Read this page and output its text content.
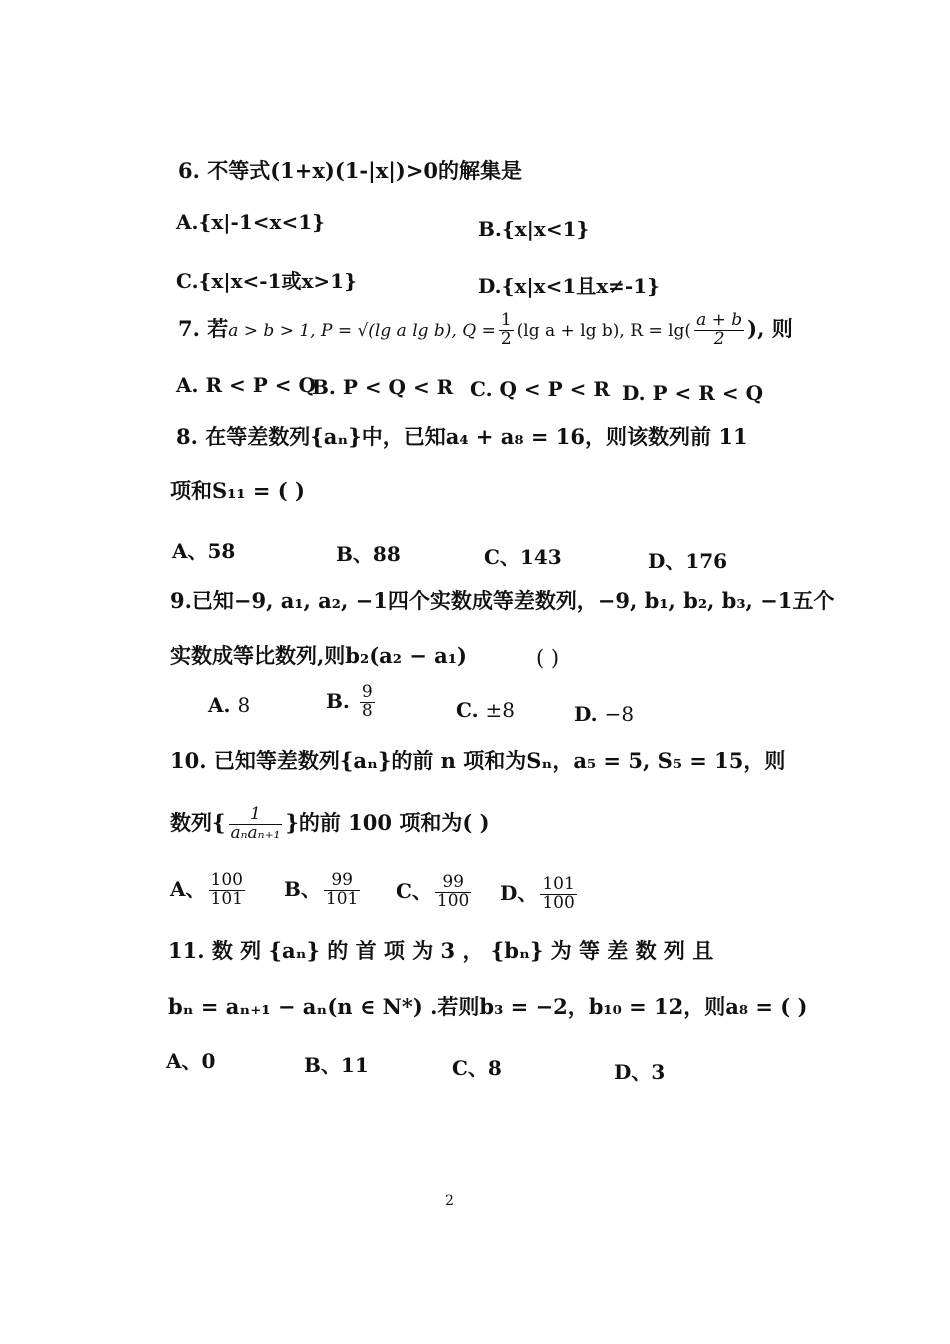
6. 不等式(1+x)(1-|x|)>0的解集是
A.{x|-1<x<1}	B.{x|x<1}
C.{x|x<-1或x>1}	D.{x|x<1且x≠-1}
7. 若a > b > 1, P = √(lg a lg b), $Q = \frac{1}{2} (\lg$ a + lg b), $R = \lg( \frac{a + b}{2}$ ), 则
A. R < P < Q
B. P < Q < R C. Q < P < R D. P < R < Q
8. 在等差数列{aₙ}中，已知a₄ + a₈ = 16，则该数列前 11
项和S₁₁ = ( )
A、58	B、88	C、143	D、176
9.已知−9, a₁, a₂, −1四个实数成等差数列，−9, b₁, b₂, b₃, −1五个
实数成等比数列,则b₂(a₂ − a₁)	( )
A. 8	B. $\frac{9}{8}$	C. ±8	D. −8
10. 已知等差数列{aₙ}的前 n 项和为Sₙ，a₅ = 5, S₅ = 15，则
数列{ $\frac{1}{\text{aₙaₙ₊₁}}$ }的前 100 项和为( )
A、 $\frac{100}{101}$ B、 $\frac{99}{101}$ C、 $\frac{99}{100}$ D、 $\frac{101}{100}$
11. 数 列 {aₙ} 的 首 项 为 3 ， {bₙ} 为 等 差 数 列 且
bₙ = aₙ₊₁ − aₙ(n ∈ N*) .若则b₃ = −2，b₁₀ = 12，则a₈ = ( )
A、0	B、11	C、8	D、3
2
